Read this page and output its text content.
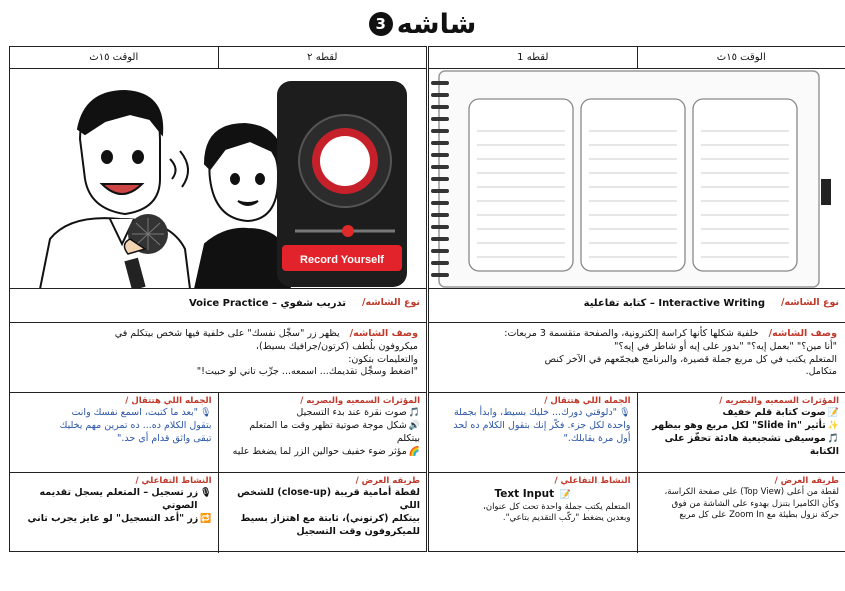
شاشه
3
الوقت

١٥ث	لقطه

٢
Record Yourself
نوع الشاشه/
تدريب شفوي – Voice Practice
وصف الشاشه/
يظهر زر "سجِّل نفسك" على خلفية فيها شخص بيتكلم في
ميكروفون بلُطف (كرتون/جرافيك بسيط)،
والتعليمات بتكون:
"اضغط وسجِّل تقديمك... اسمعه... جرِّب تاني لو حبيت!"
المؤثرات السمعيه والبصريه /
🎵صوت نقرة عند بدء التسجيل
🔊شكل موجة صوتية تظهر وقت ما المتعلم بيتكلم
🌈مؤثر ضوء خفيف حوالين الزر لما يضغط عليه
الجمله اللي هتتقال /
🎙"بعد ما كتبت، اسمع نفسك وانت
بتقول الكلام ده... ده تمرين مهم يخليك
تبقى واثق قدام أي حد."
طريقه العرض /
لقطة أمامية قريبة (close-up) للشخص اللي
بيتكلم (كرتوني)، ثابتة مع اهتزاز بسيط
للميكروفون وقت التسجيل
النشاط التفاعلي /
🎙زر تسجيل – المتعلم يسجل تقديمه
الصوتي
🔁زر "أعد التسجيل" لو عايز يجرب تاني
لقطه

1	الوقت

١٥ث
نوع الشاشه/
Interactive Writing – كتابة تفاعلية
وصف الشاشه/
خلفية شكلها كأنها كراسة إلكترونية، والصفحة متقسمة 3 مربعات:
"أنا مين؟" "بعمل إيه؟" "بدور على إيه أو شاطر في إيه؟"
المتعلم يكتب في كل مربع جملة قصيرة، والبرنامج هيجمّعهم في الآخر كنص
متكامل.
المؤثرات السمعيه والبصريه /
📝صوت كتابة قلم خفيف
✨تأثير "Slide in" لكل مربع وهو بيظهر
🎵موسيقى تشجيعية هادئة تحفّز على الكتابة
الجمله اللي هتتقال /
🎙"دلوقتي دورك... خليك بسيط، وابدأ بجملة
واحدة لكل جزء. فكّر إنك بتقول الكلام ده لحد
أول مرة يقابلك."
طريقه العرض /
لقطة من أعلى (Top View) على صفحة الكراسة،
وكأن الكاميرا بتنزل بهدوء على الشاشة من فوق
حركة نزول بطيئة مع Zoom In على كل مربع
النشاط التفاعلي /
📝 Text Input
المتعلم يكتب جملة واحدة تحت كل عنوان،
وبعدين يضغط "ركّب التقديم بتاعي".
